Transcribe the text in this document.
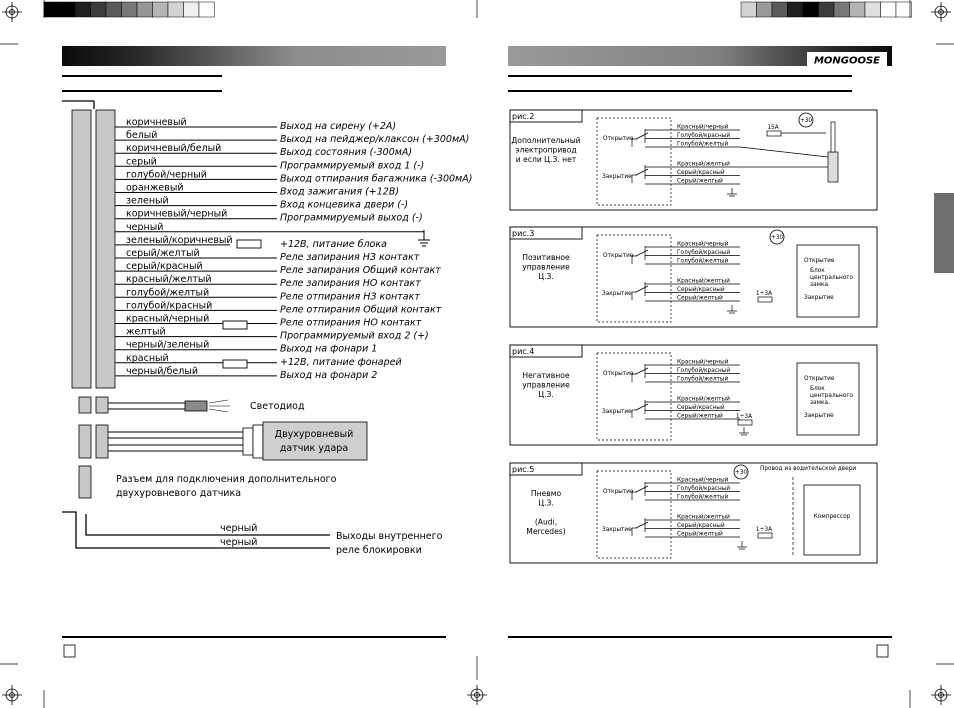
MONGOOSE
коричневый	Выход на сирену (+2А)
белый	Выход на пейджер/клаксон (+300мА)
коричневый/белый	Выход состояния (-300мА)
серый	Программируемый вход 1 (-)
голубой/черный	Выход отпирания багажника (-300мА)
оранжевый	Вход зажигания (+12В)
зеленый	Вход концевика двери (-)
коричневый/черный	Программируемый выход (-)
черный
зеленый/коричневый	+12В, питание блока
серый/желтый	Реле запирания НЗ контакт
серый/красный	Реле запирания Общий контакт
красный/желтый	Реле запирания НО контакт
голубой/желтый	Реле отпирания НЗ контакт
голубой/красный	Реле отпирания Общий контакт
красный/черный	Реле отпирания НО контакт
желтый	Программируемый вход 2 (+)
черный/зеленый	Выход на фонари 1
красный	+12В, питание фонарей
черный/белый	Выход на фонари 2
Светодиод
Двухуровневый
датчик удара
Разъем для подключения дополнительного
двухуровневого датчика
черный
черный
Выходы внутреннего
реле блокировки
рис.2
Дополнительный
электропривод
и если Ц.З. нет
Открытие
Закрытие
Красный/черный
Голубой/красный
Голубой/желтый
Красный/желтый
Серый/красный
Серый/желтый
+30
15А
рис.3
Позитивное
управление
Ц.З.
Открытие
Закрытие
Красный/черный
Голубой/красный
Голубой/желтый
Красный/желтый
Серый/красный
Серый/желтый
+30
1÷3А
Открытие
Блок
центрального
замка.
Закрытие
рис.4
Негативное
управление
Ц.З.
Открытие
Закрытие
Красный/черный
Голубой/красный
Голубой/желтый
Красный/желтый
Серый/красный
Серый/желтый 1÷3А
Открытие
Блок
центрального
замка.
Закрытие
рис.5
Пневмо
Ц.З.
(Audi,
Mercedes)
Открытие
Закрытие
Красный/черный
Голубой/красный
Голубой/желтый
Красный/желтый
Серый/красный
Серый/желтый
+30
1÷3А
Компрессор
Провод из водительской двери
